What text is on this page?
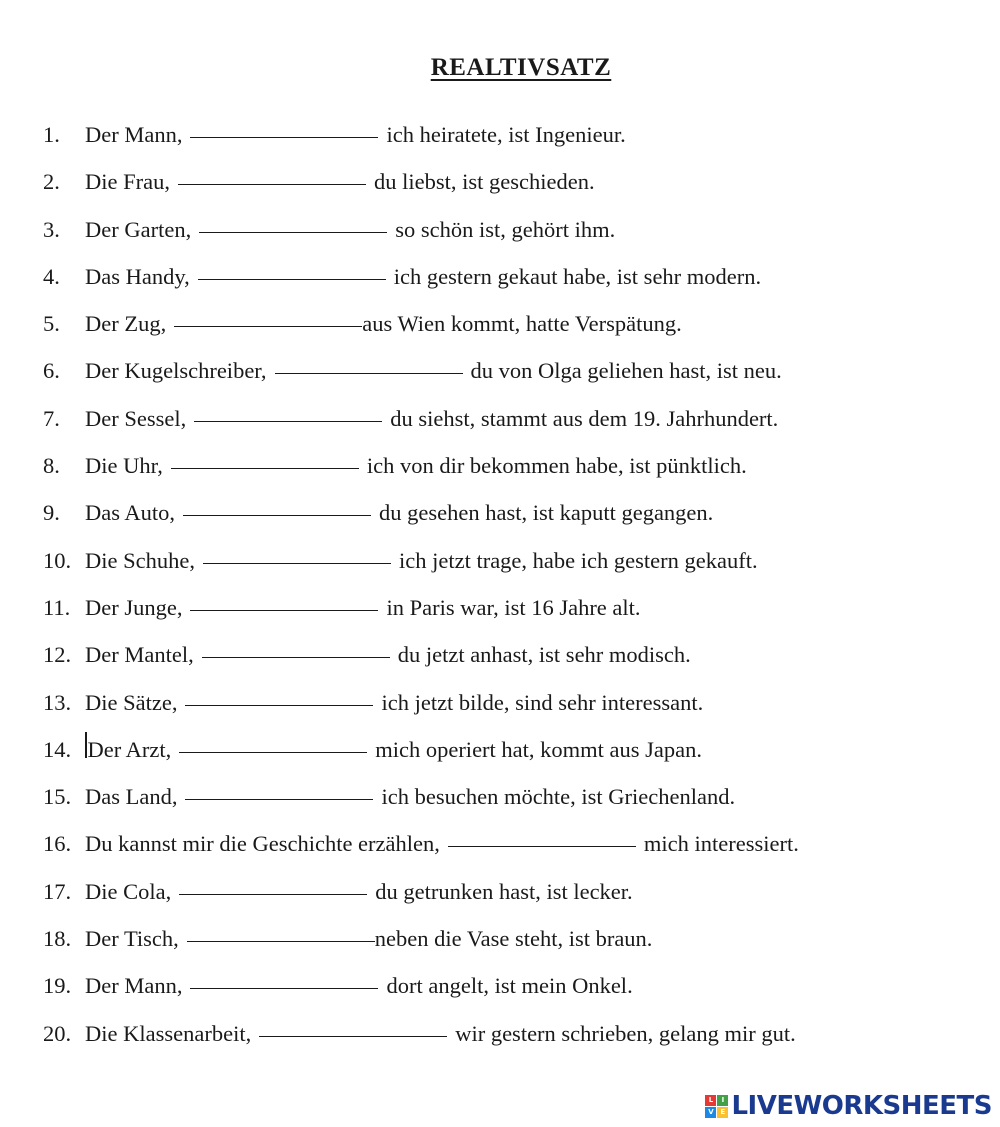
REALTIVSATZ
1.	Der Mann,	ich heiratete, ist Ingenieur.
2.	Die Frau,	du liebst, ist geschieden.
3.	Der Garten,	so schön ist, gehört ihm.
4.	Das Handy,	ich gestern gekaut habe, ist sehr modern.
5.	Der Zug,	aus Wien kommt, hatte Verspätung.
6.	Der Kugelschreiber,	du von Olga geliehen hast, ist neu.
7.	Der Sessel,	du siehst, stammt aus dem 19. Jahrhundert.
8.	Die Uhr,	ich von dir bekommen habe, ist pünktlich.
9.	Das Auto,	du gesehen hast, ist kaputt gegangen.
10. Die Schuhe,	ich jetzt trage, habe ich gestern gekauft.
11. Der Junge,	in Paris war, ist 16 Jahre alt.
12. Der Mantel,	du jetzt anhast, ist sehr modisch.
13. Die Sätze,	ich jetzt bilde, sind sehr interessant.
14. Der Arzt,	mich operiert hat, kommt aus Japan.
15. Das Land,	ich besuchen möchte, ist Griechenland.
16. Du kannst mir die Geschichte erzählen,	mich interessiert.
17. Die Cola,	du getrunken hast, ist lecker.
18. Der Tisch,	neben die Vase steht, ist braun.
19. Der Mann,	dort angelt, ist mein Onkel.
20. Die Klassenarbeit,	wir gestern schrieben, gelang mir gut.
L	I
V E LIVEWORKSHEETS
